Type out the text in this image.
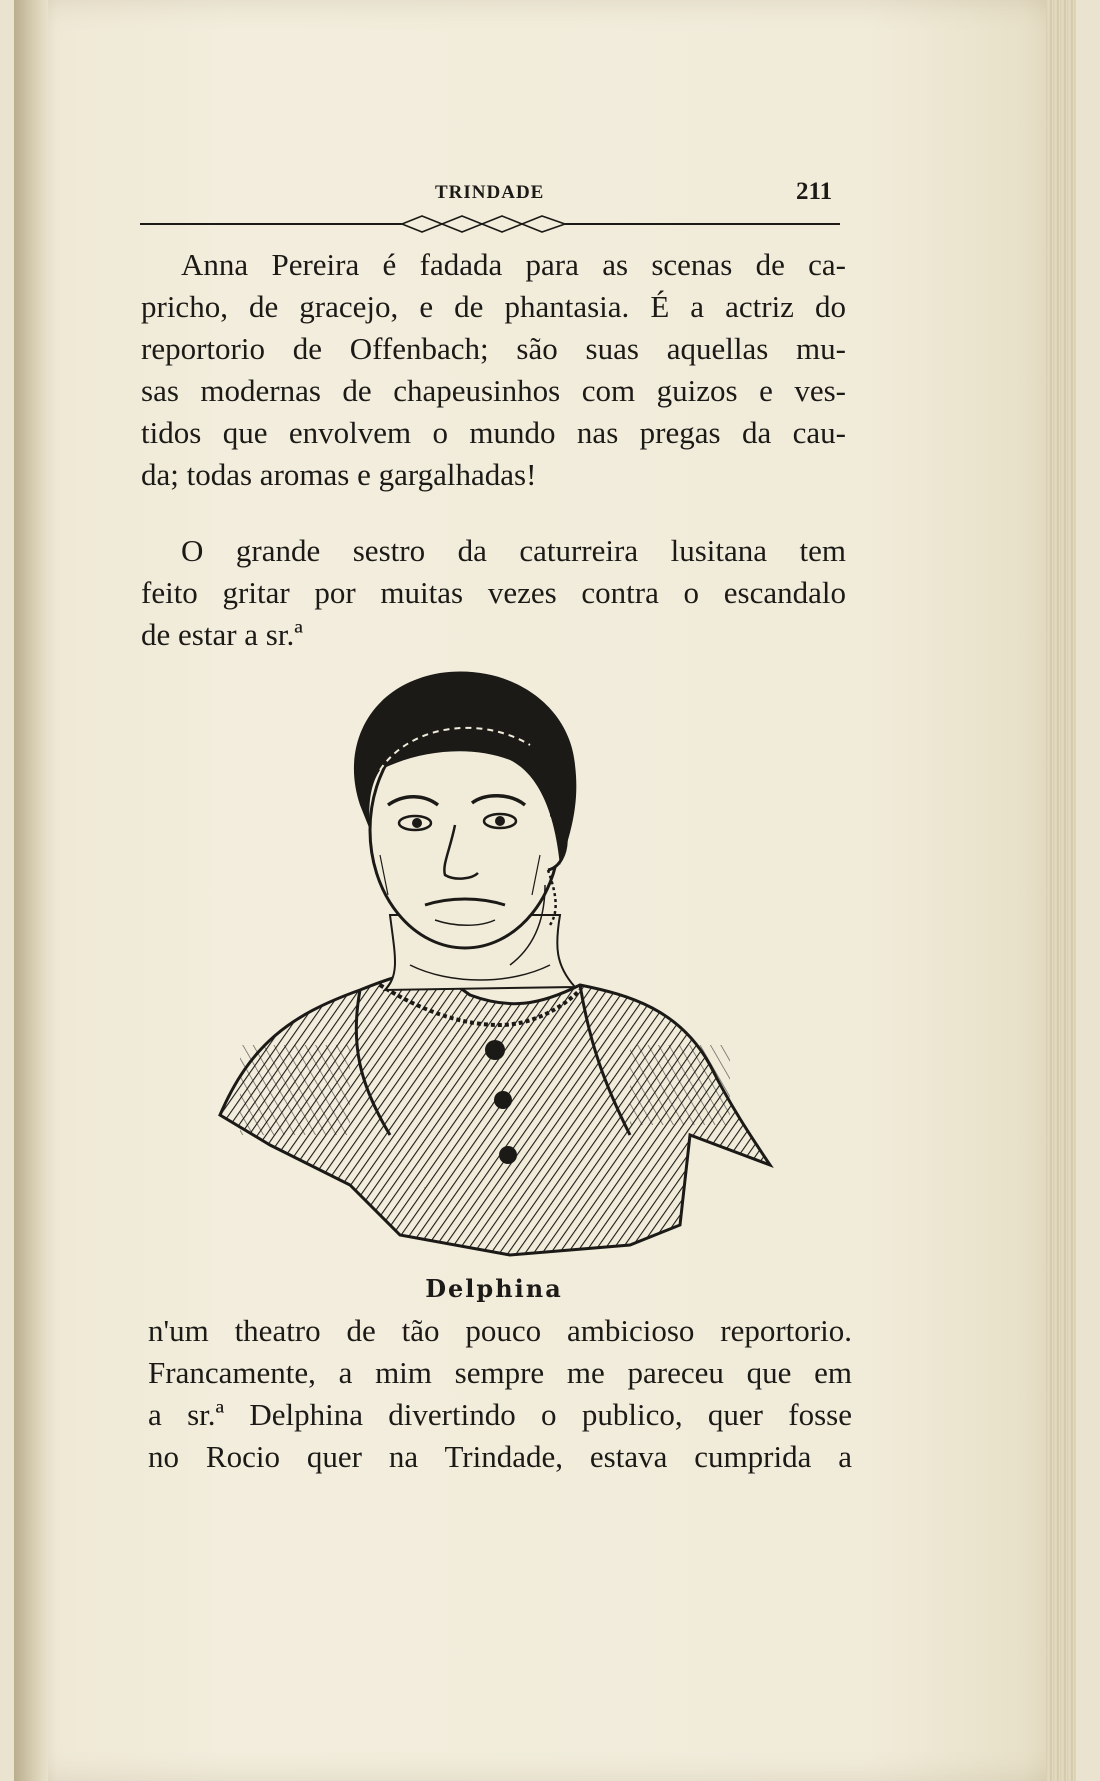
TRINDADE	211
Anna Pereira é fadada para as scenas de ca-
pricho, de gracejo, e de phantasia. É a actriz do
reportorio de Offenbach; são suas aquellas mu-
sas modernas de chapeusinhos com guizos e ves-
tidos que envolvem o mundo nas pregas da cau-
da; todas aromas e gargalhadas!
O grande sestro da caturreira lusitana tem
feito gritar por muitas vezes contra o escandalo
de estar a sr.ª
Delphina
n'um theatro de tão pouco ambicioso reportorio.
Francamente, a mim sempre me pareceu que em
a sr.ª Delphina divertindo o publico, quer fosse
no Rocio quer na Trindade, estava cumprida a
